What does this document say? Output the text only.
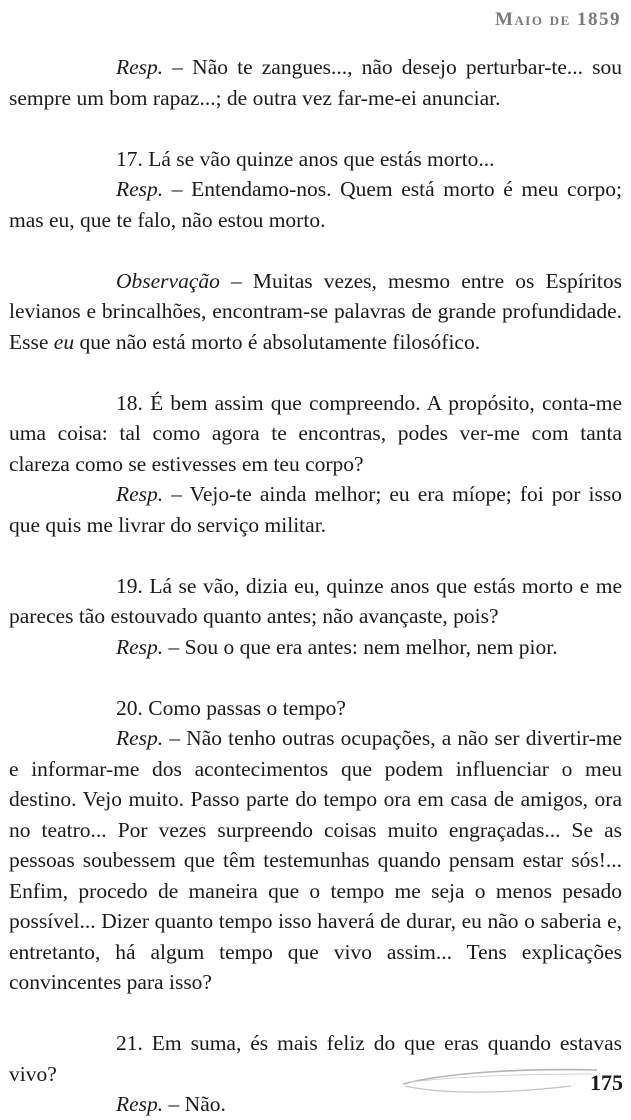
Maio de 1859

Resp. – Não te zangues..., não desejo perturbar-te... sou sempre um bom rapaz...; de outra vez far-me-ei anunciar.

17. Lá se vão quinze anos que estás morto...

Resp. – Entendamo-nos. Quem está morto é meu corpo; mas eu, que te falo, não estou morto.

Observação – Muitas vezes, mesmo entre os Espíritos levianos e brincalhões, encontram-se palavras de grande profundidade. Esse eu que não está morto é absolutamente filosófico.

18. É bem assim que compreendo. A propósito, conta-me uma coisa: tal como agora te encontras, podes ver-me com tanta clareza como se estivesses em teu corpo?

Resp. – Vejo-te ainda melhor; eu era míope; foi por isso que quis me livrar do serviço militar.

19. Lá se vão, dizia eu, quinze anos que estás morto e me pareces tão estouvado quanto antes; não avançaste, pois?

Resp. – Sou o que era antes: nem melhor, nem pior.

20. Como passas o tempo?

Resp. – Não tenho outras ocupações, a não ser divertir-me e informar-me dos acontecimentos que podem influenciar o meu destino. Vejo muito. Passo parte do tempo ora em casa de amigos, ora no teatro... Por vezes surpreendo coisas muito engraçadas... Se as pessoas soubessem que têm testemunhas quando pensam estar sós!... Enfim, procedo de maneira que o tempo me seja o menos pesado possível... Dizer quanto tempo isso haverá de durar, eu não o saberia e, entretanto, há algum tempo que vivo assim... Tens explicações convincentes para isso?

21. Em suma, és mais feliz do que eras quando estavas vivo?

Resp. – Não.

175
